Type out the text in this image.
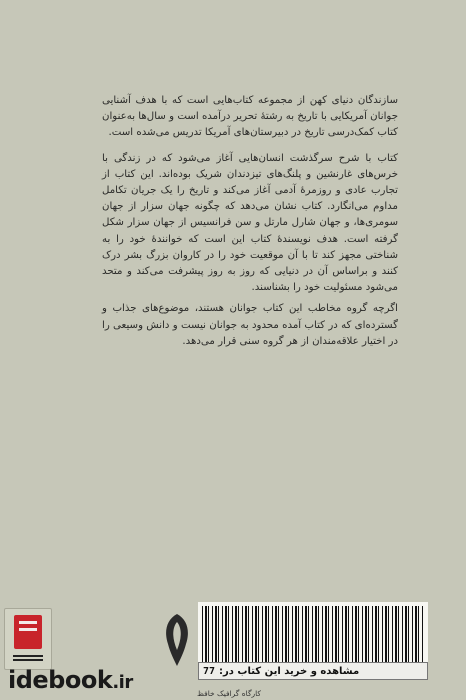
سازندگان دنیای کهن از مجموعه کتاب‌هایی است که با هدف آشنایی جوانان آمریکایی با تاریخ به رشتهٔ تحریر درآمده است و سال‌ها به‌عنوان کتاب کمک‌درسی تاریخ در دبیرستان‌های آمریکا تدریس می‌شده است.

کتاب با شرح سرگذشت انسان‌هایی آغاز می‌شود که در زندگی با خرس‌های غارنشین و پلنگ‌های تیزدندان شریک بوده‌اند. این کتاب از تجارب عادی و روزمرهٔ آدمی آغاز می‌کند و تاریخ را یک جریان تکامل مداوم می‌انگارد. کتاب نشان می‌دهد که چگونه جهان سزار از جهان سومری‌ها، و جهان شارل مارتل و سن فرانسیس از جهان سزار شکل گرفته است. هدف نویسندهٔ کتاب این است که خوانندهٔ خود را به شناختی مجهز کند تا با آن موقعیت خود را در کاروان بزرگ بشر درک کنند و براساس آن در دنیایی که روز به روز پیشرفت می‌کند و متحد می‌شود مسئولیت خود را بشناسند.

اگرچه گروه مخاطب این کتاب جوانان هستند، موضوع‌های جذاب و گسترده‌ای که در کتاب آمده محدود به جوانان نیست و دانش وسیعی را در اختیار علاقه‌مندان از هر گروه سنی قرار می‌دهد.

idebook.ir
مشاهده و خرید این کتاب در:
77
کارگاه گرافیک خافظ
